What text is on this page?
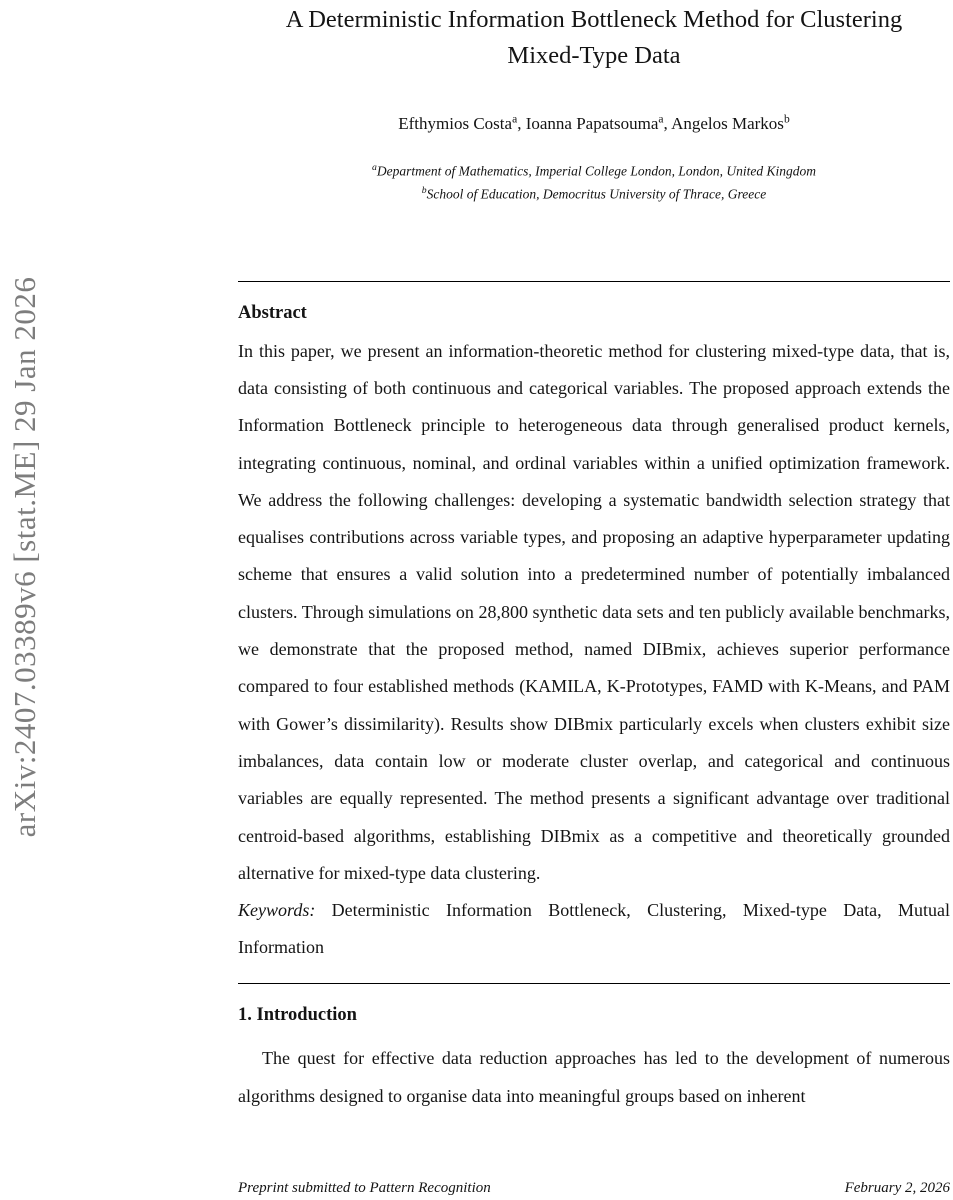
arXiv:2407.03389v6 [stat.ME] 29 Jan 2026
A Deterministic Information Bottleneck Method for Clustering Mixed-Type Data

Efthymios Costa$^a$, Ioanna Papatsouma$^a$, Angelos Markos$^b$

$^a$Department of Mathematics, Imperial College London, London, United Kingdom
$^b$School of Education, Democritus University of Thrace, Greece
Abstract

In this paper, we present an information-theoretic method for clustering mixed-type data, that is, data consisting of both continuous and categorical variables. The proposed approach extends the Information Bottleneck principle to heterogeneous data through generalised product kernels, integrating continuous, nominal, and ordinal variables within a unified optimization framework. We address the following challenges: developing a systematic bandwidth selection strategy that equalises contributions across variable types, and proposing an adaptive hyperparameter updating scheme that ensures a valid solution into a predetermined number of potentially imbalanced clusters. Through simulations on 28,800 synthetic data sets and ten publicly available benchmarks, we demonstrate that the proposed method, named DIBmix, achieves superior performance compared to four established methods (KAMILA, K-Prototypes, FAMD with K-Means, and PAM with Gower’s dissimilarity). Results show DIBmix particularly excels when clusters exhibit size imbalances, data contain low or moderate cluster overlap, and categorical and continuous variables are equally represented. The method presents a significant advantage over traditional centroid-based algorithms, establishing DIBmix as a competitive and theoretically grounded alternative for mixed-type data clustering.

Keywords: Deterministic Information Bottleneck, Clustering, Mixed-type Data, Mutual Information

1. Introduction

The quest for effective data reduction approaches has led to the development of numerous algorithms designed to organise data into meaningful groups based on inherent

Preprint submitted to Pattern Recognition	February 2, 2026
